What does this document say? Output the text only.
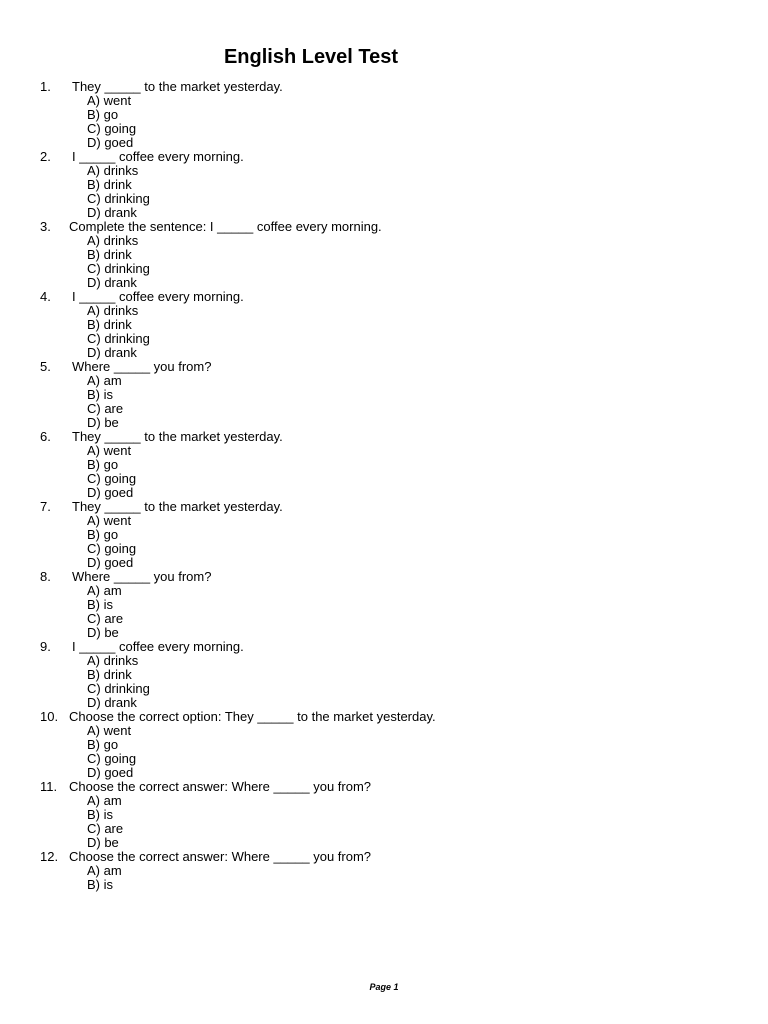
English Level Test
1.	They _____ to the market yesterday.
A) went
B) go
C) going
D) goed
2.	I _____ coffee every morning.
A) drinks
B) drink
C) drinking
D) drank
3.	Complete the sentence: I _____ coffee every morning.
A) drinks
B) drink
C) drinking
D) drank
4.	I _____ coffee every morning.
A) drinks
B) drink
C) drinking
D) drank
5.	Where _____ you from?
A) am
B) is
C) are
D) be
6.	They _____ to the market yesterday.
A) went
B) go
C) going
D) goed
7.	They _____ to the market yesterday.
A) went
B) go
C) going
D) goed
8.	Where _____ you from?
A) am
B) is
C) are
D) be
9.	I _____ coffee every morning.
A) drinks
B) drink
C) drinking
D) drank
10. Choose the correct option: They _____ to the market yesterday.
A) went
B) go
C) going
D) goed
11. Choose the correct answer: Where _____ you from?
A) am
B) is
C) are
D) be
12. Choose the correct answer: Where _____ you from?
A) am
B) is
Page 1
